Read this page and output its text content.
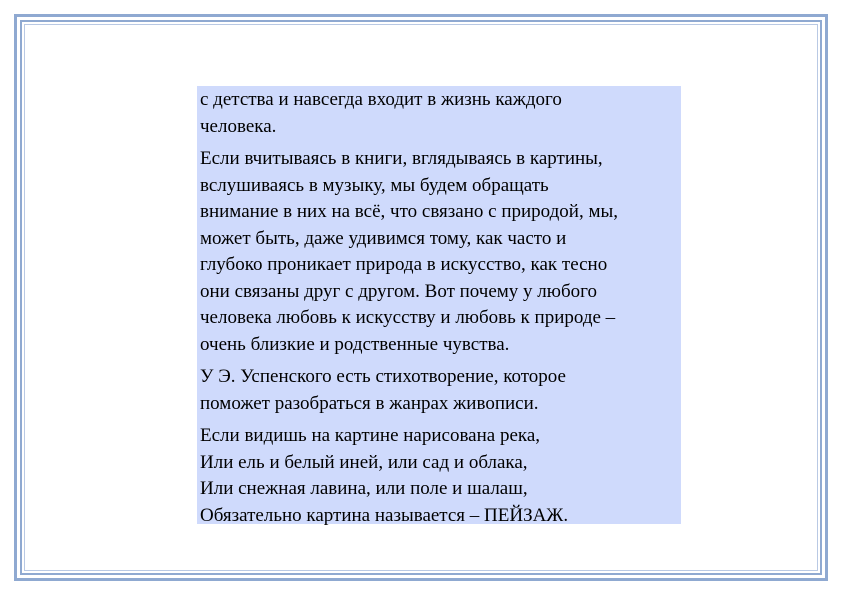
с детства и навсегда входит в жизнь каждого
человека.

Если вчитываясь в книги, вглядываясь в картины,
вслушиваясь в музыку, мы будем обращать
внимание в них на всё, что связано с природой, мы,
может быть, даже удивимся тому, как часто и
глубоко проникает природа в искусство, как тесно
они связаны друг с другом. Вот почему у любого
человека любовь к искусству и любовь к природе –
очень близкие и родственные чувства.

У Э. Успенского есть стихотворение, которое
поможет разобраться в жанрах живописи.

Если видишь на картине нарисована река,
Или ель и белый иней, или сад и облака,
Или снежная лавина, или поле и шалаш,
Обязательно картина называется – ПЕЙЗАЖ.
